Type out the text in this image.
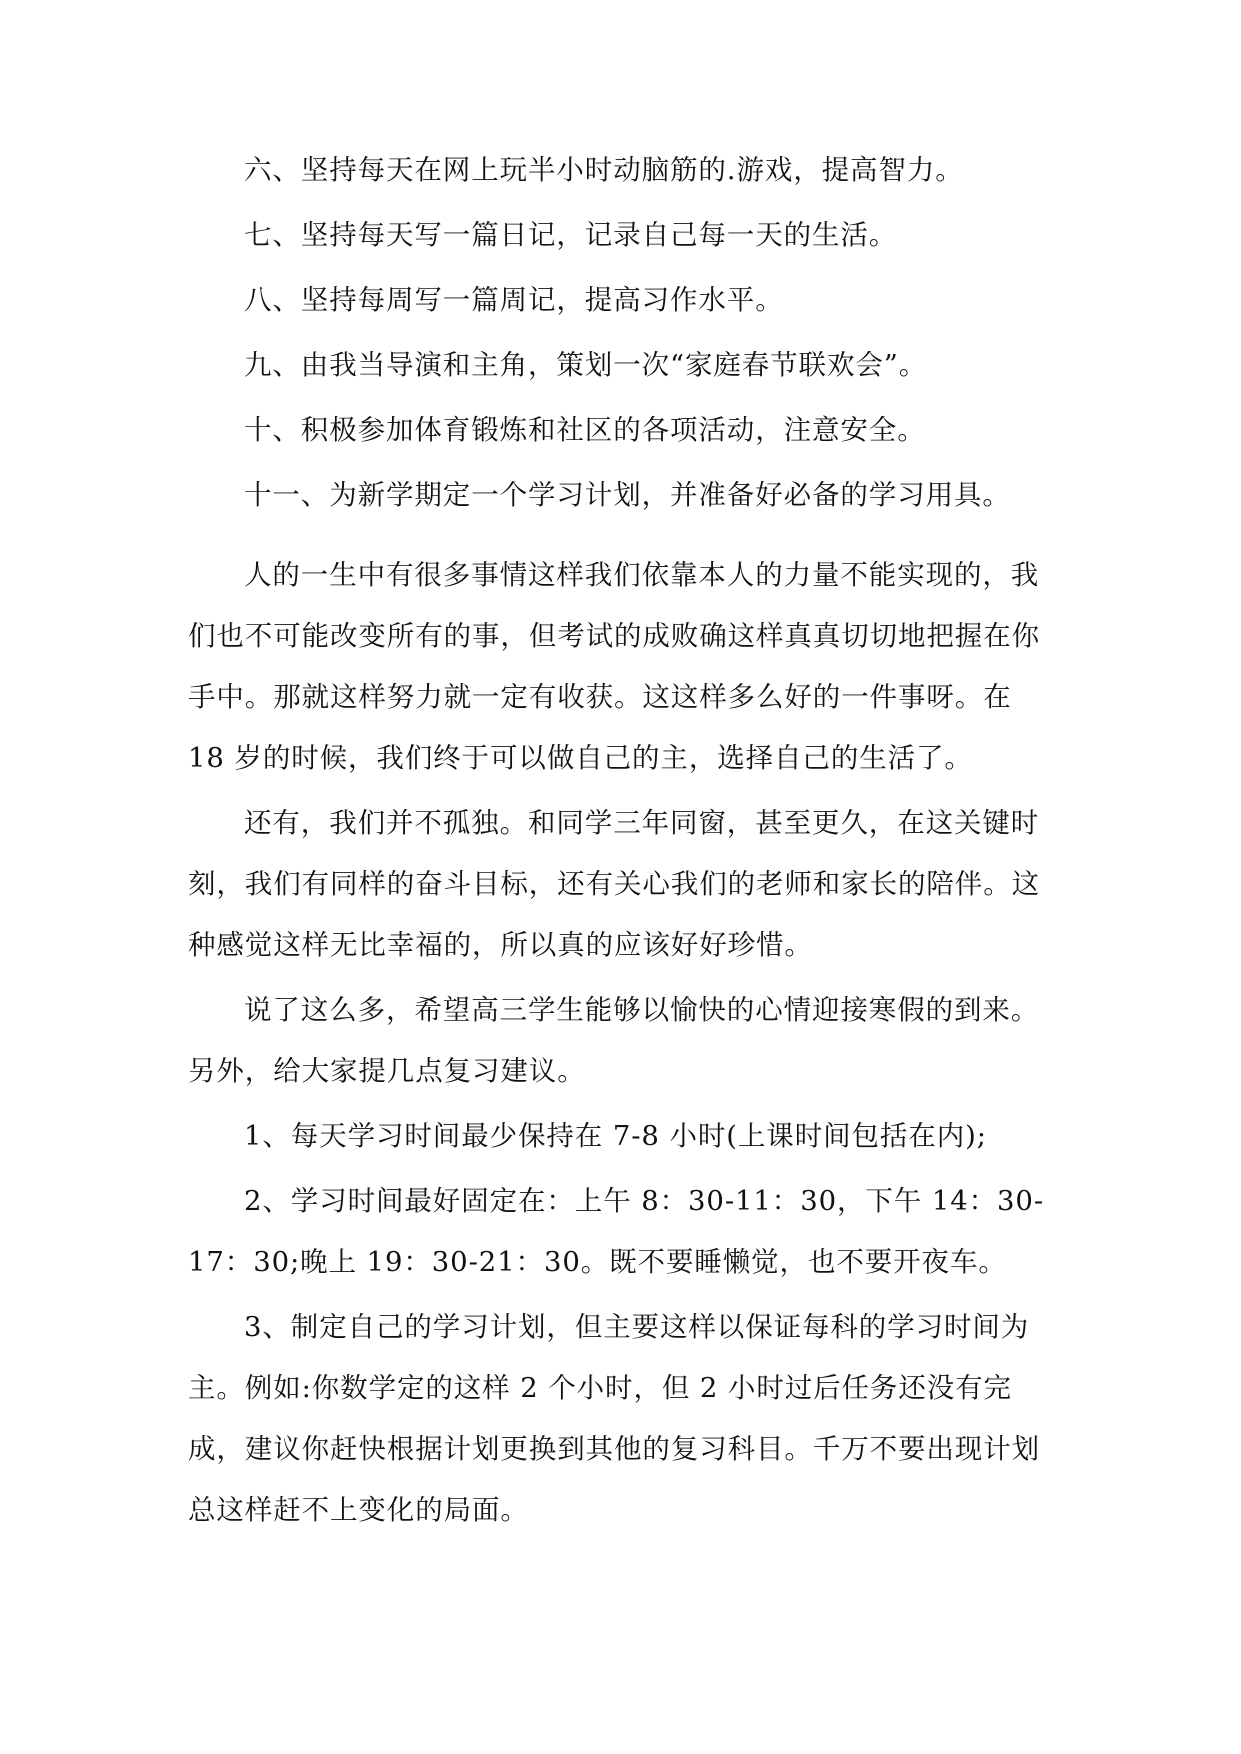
六、坚持每天在网上玩半小时动脑筋的.游戏，提高智力。

七、坚持每天写一篇日记，记录自己每一天的生活。

八、坚持每周写一篇周记，提高习作水平。

九、由我当导演和主角，策划一次“家庭春节联欢会”。

十、积极参加体育锻炼和社区的各项活动，注意安全。

十一、为新学期定一个学习计划，并准备好必备的学习用具。

人的一生中有很多事情这样我们依靠本人的力量不能实现的，我们也不可能改变所有的事，但考试的成败确这样真真切切地把握在你手中。那就这样努力就一定有收获。这这样多么好的一件事呀。在 18 岁的时候，我们终于可以做自己的主，选择自己的生活了。

还有，我们并不孤独。和同学三年同窗，甚至更久，在这关键时刻，我们有同样的奋斗目标，还有关心我们的老师和家长的陪伴。这种感觉这样无比幸福的，所以真的应该好好珍惜。

说了这么多，希望高三学生能够以愉快的心情迎接寒假的到来。另外，给大家提几点复习建议。

1、每天学习时间最少保持在 7-8 小时(上课时间包括在内);

2、学习时间最好固定在：上午 8：30-11：30，下午 14：30-17：30;晚上 19：30-21：30。既不要睡懒觉，也不要开夜车。

3、制定自己的学习计划，但主要这样以保证每科的学习时间为主。例如:你数学定的这样 2 个小时，但 2 小时过后任务还没有完成，建议你赶快根据计划更换到其他的复习科目。千万不要出现计划总这样赶不上变化的局面。
